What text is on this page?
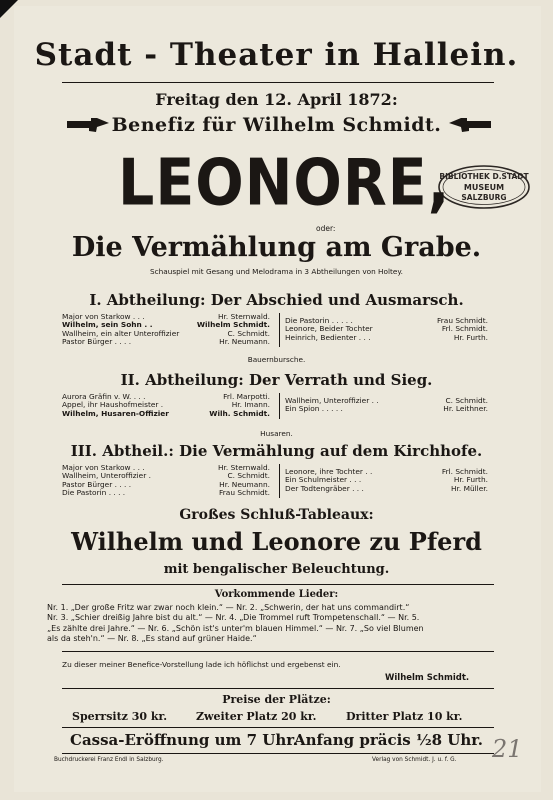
Stadt - Theater in Hallein.
Freitag den 12. April 1872:
Benefiz für Wilhelm Schmidt.
BIBLIOTHEK D.STADT
MUSEUM
SALZBURG
LEONORE,
oder:
Die Vermählung am Grabe.
Schauspiel mit Gesang und Melodrama in 3 Abtheilungen von Holtey.
I. Abtheilung: Der Abschied und Ausmarsch.
Major von Starkow . . .	Hr. Sternwald.
Wilhelm, sein Sohn . .	Wilhelm Schmidt.
Wallheim, ein alter Unteroffizier	C. Schmidt.
Pastor Bürger . . . .	Hr. Neumann.
Die Pastorin . . . . .	Frau Schmidt.
Leonore, Beider Tochter	Frl. Schmidt.
Heinrich, Bedienter . . .	Hr. Furth.
Bauernbursche.
II. Abtheilung: Der Verrath und Sieg.
Aurora Gräfin v. W. . . .	Frl. Marpotti.
Appel, ihr Haushofmeister .	Hr. Imann.
Wilhelm, Husaren-Offizier	Wilh. Schmidt.
Wallheim, Unteroffizier . .	C. Schmidt.
Ein Spion . . . . .	Hr. Leithner.
Husaren.
III. Abtheil.: Die Vermählung auf dem Kirchhofe.
Major von Starkow . . .	Hr. Sternwald.
Wallheim, Unteroffizier .	C. Schmidt.
Pastor Bürger . . . .	Hr. Neumann.
Die Pastorin . . . .	Frau Schmidt.
Leonore, ihre Tochter . .	Frl. Schmidt.
Ein Schulmeister . . .	Hr. Furth.
Der Todtengräber . . .	Hr. Müller.
Großes Schluß-Tableaux:
Wilhelm und Leonore zu Pferd
mit bengalischer Beleuchtung.
Vorkommende Lieder:
Nr. 1. „Der große Fritz war zwar noch klein.“ — Nr. 2. „Schwerin, der hat uns commandirt.“
Nr. 3. „Schier dreißig Jahre bist du alt.“ — Nr. 4. „Die Trommel ruft Trompetenschall.“ — Nr. 5.
„Es zählte drei Jahre.“ — Nr. 6. „Schön ist's unter'm blauen Himmel.“ — Nr. 7. „So viel Blumen
als da steh'n.“ — Nr. 8. „Es stand auf grüner Haide.“
Zu dieser meiner Benefice-Vorstellung lade ich höflichst und ergebenst ein.
Wilhelm Schmidt.
Preise der Plätze:
Sperrsitz 30 kr.	Zweiter Platz 20 kr.	Dritter Platz 10 kr.
Cassa-Eröffnung um 7 Uhr.
Anfang präcis ½8 Uhr.
Buchdruckerei Franz Endl in Salzburg.	Verlag von Schmidt. J. u. f. G. 21
